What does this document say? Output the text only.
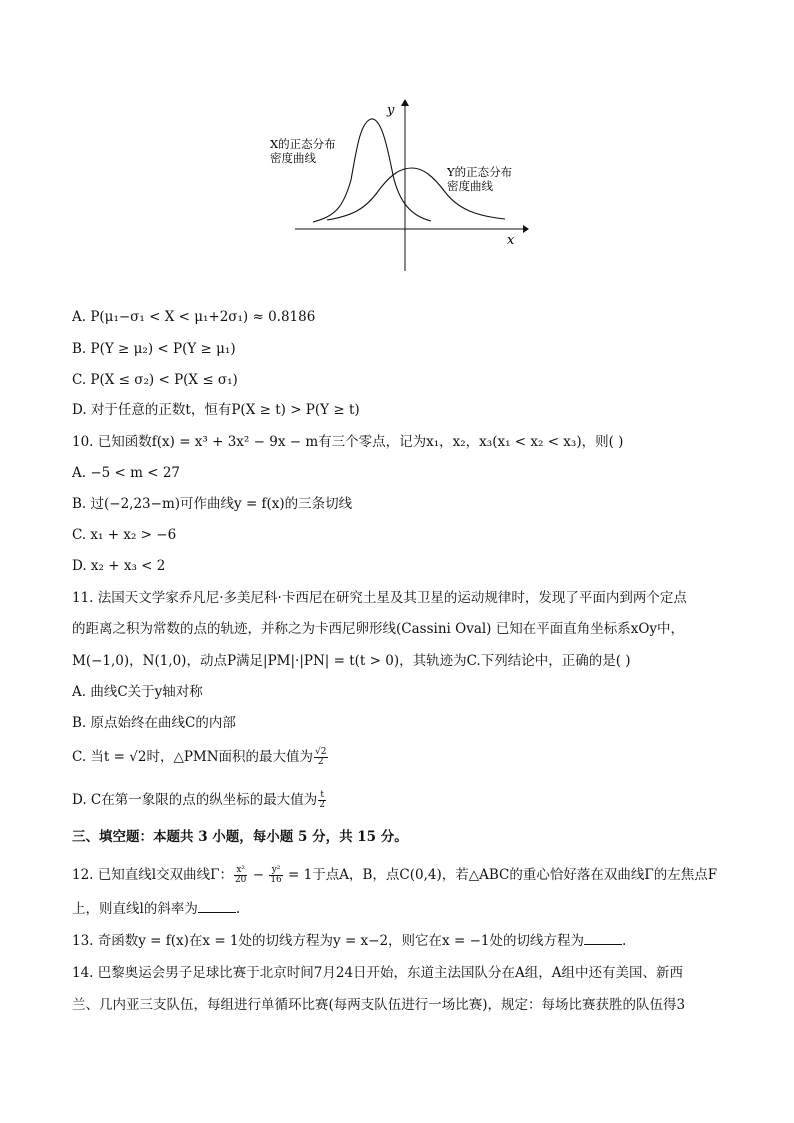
y
x
X的正态分布
密度曲线
Y的正态分布
密度曲线
A. P(μ₁−σ₁ < X < μ₁+2σ₁) ≈ 0.8186
B. P(Y ≥ μ₂) < P(Y ≥ μ₁)
C. P(X ≤ σ₂) < P(X ≤ σ₁)
D. 对于任意的正数t，恒有P(X ≥ t) > P(Y ≥ t)
10. 已知函数f(x) = x³ + 3x² − 9x − m有三个零点，记为x₁，x₂，x₃(x₁ < x₂ < x₃)，则( )
A. −5 < m < 27
B. 过(−2,23−m)可作曲线y = f(x)的三条切线
C. x₁ + x₂ > −6
D. x₂ + x₃ < 2
11. 法国天文学家乔凡尼·多美尼科·卡西尼在研究土星及其卫星的运动规律时，发现了平面内到两个定点
的距离之积为常数的点的轨迹，并称之为卡西尼卵形线(Cassini Oval) 已知在平面直角坐标系xOy中，
M(−1,0)，N(1,0)，动点P满足|PM|·|PN| = t(t > 0)，其轨迹为C.下列结论中，正确的是( )
A. 曲线C关于y轴对称
B. 原点始终在曲线C的内部
C. 当t = √2时，△PMN面积的最大值为 $\frac{√2}{2}$
D. C在第一象限的点的纵坐标的最大值为 $\frac{t}{2}$
三、填空题：本题共 3 小题，每小题 5 分，共 15 分。
12. 已知直线l交双曲线Γ： $\frac{\text{x²}}{20} - \frac{\text{y²}}{16} = 1$于点A，B，点C(0,4)，若△ABC的重心恰好落在双曲线Γ的左焦点F
上，则直线l的斜率为	.
13. 奇函数y = f(x)在x = 1处的切线方程为y = x−2，则它在x = −1处的切线方程为	.
14. 巴黎奥运会男子足球比赛于北京时间7月24日开始，东道主法国队分在A组，A组中还有美国、新西
兰、几内亚三支队伍，每组进行单循环比赛(每两支队伍进行一场比赛)，规定：每场比赛获胜的队伍得3
